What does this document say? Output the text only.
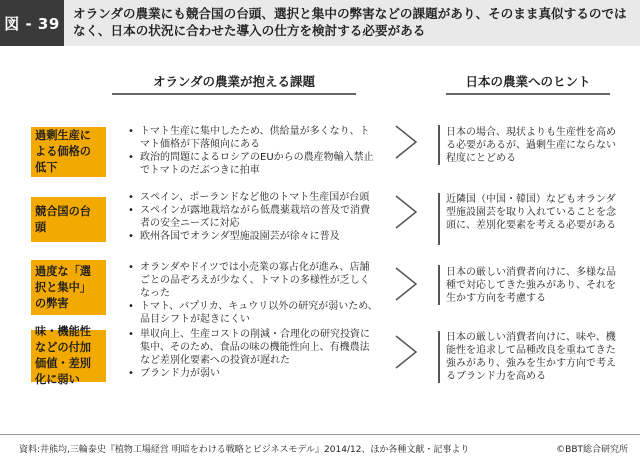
図 - 39
オランダの農業にも競合国の台頭、選択と集中の弊害などの課題があり、そのまま真似するのではなく、日本の状況に合わせた導入の仕方を検討する必要がある
オランダの農業が抱える課題	日本の農業へのヒント
過剰生産による価格の低下
• トマト生産に集中したため、供給量が多くなり、トマト価格が下落傾向にある
• 政治的問題によるロシアのEUからの農産物輸入禁止でトマトのだぶつきに拍車
日本の場合、現状よりも生産性を高める必要があるが、過剰生産にならない程度にとどめる
競合国の台頭
• スペイン、ポーランドなど他のトマト生産国が台頭
• スペインが露地栽培ながら低農薬栽培の普及で消費者の安全ニーズに対応
• 欧州各国でオランダ型施設園芸が徐々に普及
近隣国（中国・韓国）などもオランダ型施設園芸を取り入れていることを念頭に、差別化要素を考える必要がある
過度な「選択と集中」の弊害
• オランダやドイツでは小売業の寡占化が進み、店舗ごとの品ぞろえが少なく、トマトの多様性が乏しくなった
• トマト、パプリカ、キュウリ以外の研究が弱いため、品目シフトが起きにくい
日本の厳しい消費者向けに、多様な品種で対応してきた強みがあり、それを生かす方向を考慮する
味・機能性などの付加価値・差別化に弱い
• 単収向上、生産コストの削減・合理化の研究投資に集中、そのため、食品の味の機能性向上、有機農法など差別化要素への投資が遅れた
• ブランド力が弱い
日本の厳しい消費者向けに、味や、機能性を追求して品種改良を重ねてきた強みがあり、強みを生かす方向で考えるブランド力を高める
資料:井熊均,三輪泰史『植物工場経営 明暗をわける戦略とビジネスモデル』2014/12、ほか各種文献・記事より	©BBT総合研究所
